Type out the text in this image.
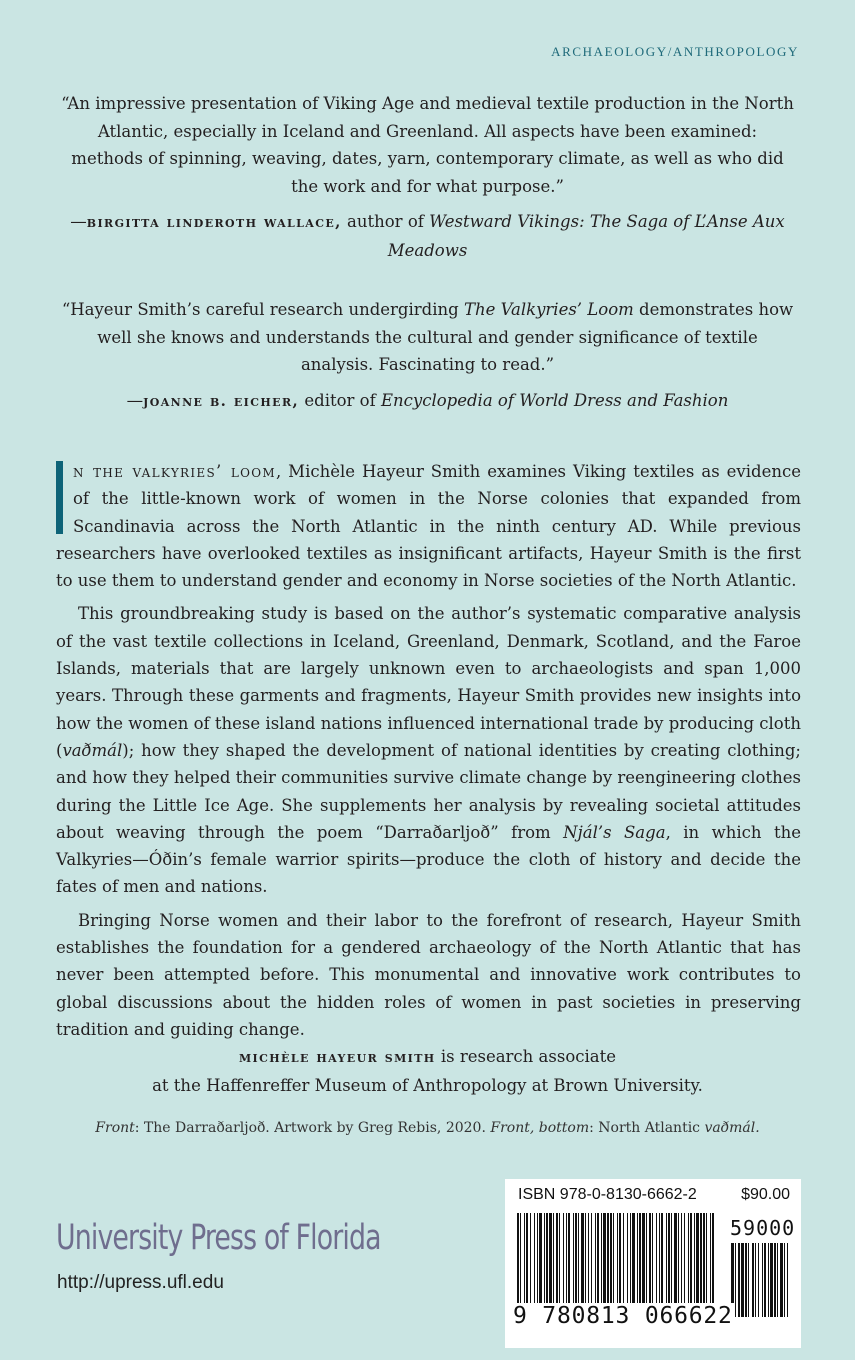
ARCHAEOLOGY/ANTHROPOLOGY
“An impressive presentation of Viking Age and medieval textile production in the North Atlantic, especially in Iceland and Greenland. All aspects have been examined: methods of spinning, weaving, dates, yarn, contemporary climate, as well as who did the work and for what purpose.”
—birgitta linderoth wallace, author of Westward Vikings: The Saga of L’Anse Aux Meadows
“Hayeur Smith’s careful research undergirding The Valkyries’ Loom demonstrates how well she knows and understands the cultural and gender significance of textile analysis. Fascinating to read.”
—joanne b. eicher, editor of Encyclopedia of World Dress and Fashion

n the valkyries’ loom, Michèle Hayeur Smith examines Viking textiles as evidence of the little-known work of women in the Norse colonies that expanded from Scandinavia across the North Atlantic in the ninth century AD. While previous researchers have overlooked textiles as insignificant artifacts, Hayeur Smith is the first to use them to understand gender and economy in Norse societies of the North Atlantic.

This groundbreaking study is based on the author’s systematic comparative analysis of the vast textile collections in Iceland, Greenland, Denmark, Scotland, and the Faroe Islands, materials that are largely unknown even to archaeologists and span 1,000 years. Through these garments and fragments, Hayeur Smith provides new insights into how the women of these island nations influenced international trade by producing cloth (vaðmál); how they shaped the development of national identities by creating clothing; and how they helped their communities survive climate change by reengineering clothes during the Little Ice Age. She supplements her analysis by revealing societal attitudes about weaving through the poem “Darraðarljoð” from Njál’s Saga, in which the Valkyries—Óðin’s female warrior spirits—produce the cloth of history and decide the fates of men and nations.

Bringing Norse women and their labor to the forefront of research, Hayeur Smith establishes the foundation for a gendered archaeology of the North Atlantic that has never been attempted before. This monumental and innovative work contributes to global discussions about the hidden roles of women in past societies in preserving tradition and guiding change.

michèle hayeur smith is research associate
at the Haffenreffer Museum of Anthropology at Brown University.
Front: The Darraðarljoð. Artwork by Greg Rebis, 2020. Front, bottom: North Atlantic vaðmál.
University Press of Florida
http://upress.ufl.edu
ISBN 978-0-8130-6662-2	$90.00
59000
9 780813 066622
